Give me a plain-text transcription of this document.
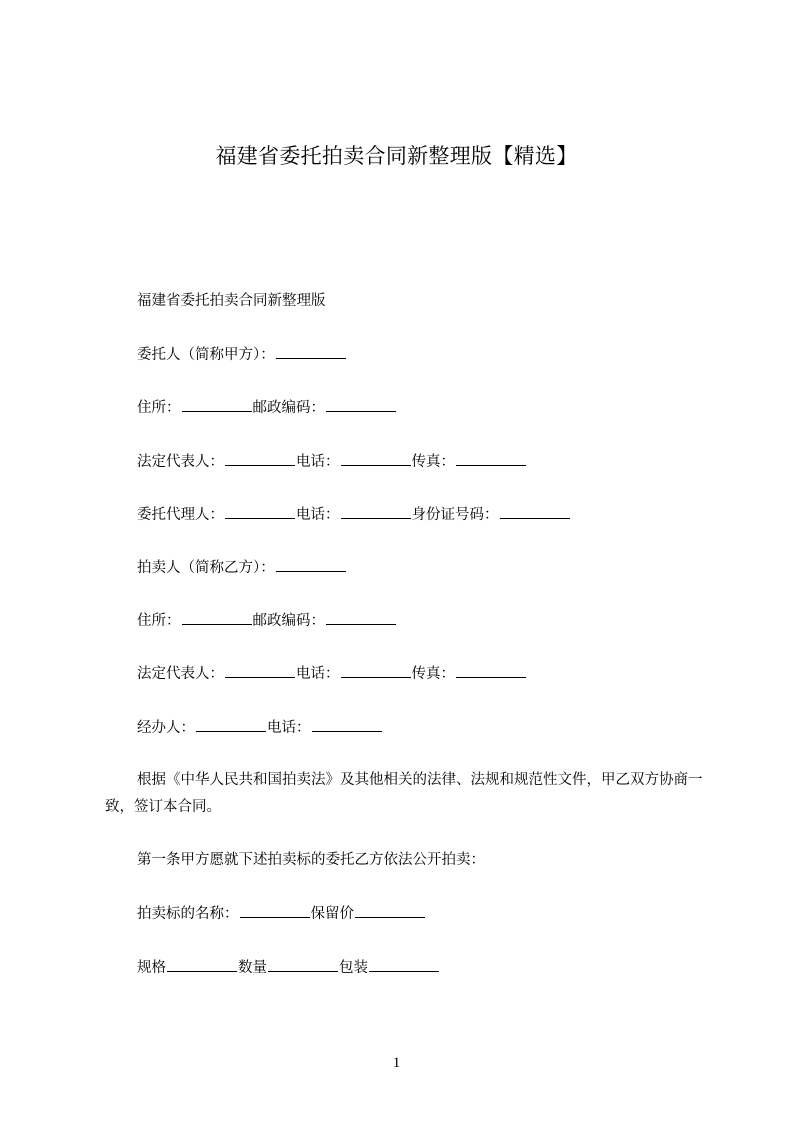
福建省委托拍卖合同新整理版【精选】
福建省委托拍卖合同新整理版
委托人（简称甲方）：
住所：	邮政编码：
法定代表人：	电话：	传真：
委托代理人：	电话：	身份证号码：
拍卖人（简称乙方）：
住所：	邮政编码：
法定代表人：	电话：	传真：
经办人：	电话：
根据《中华人民共和国拍卖法》及其他相关的法律、法规和规范性文件，甲乙双方协商一致，签订本合同。
第一条甲方愿就下述拍卖标的委托乙方依法公开拍卖：
拍卖标的名称：	保留价
规格	数量	包装
1
